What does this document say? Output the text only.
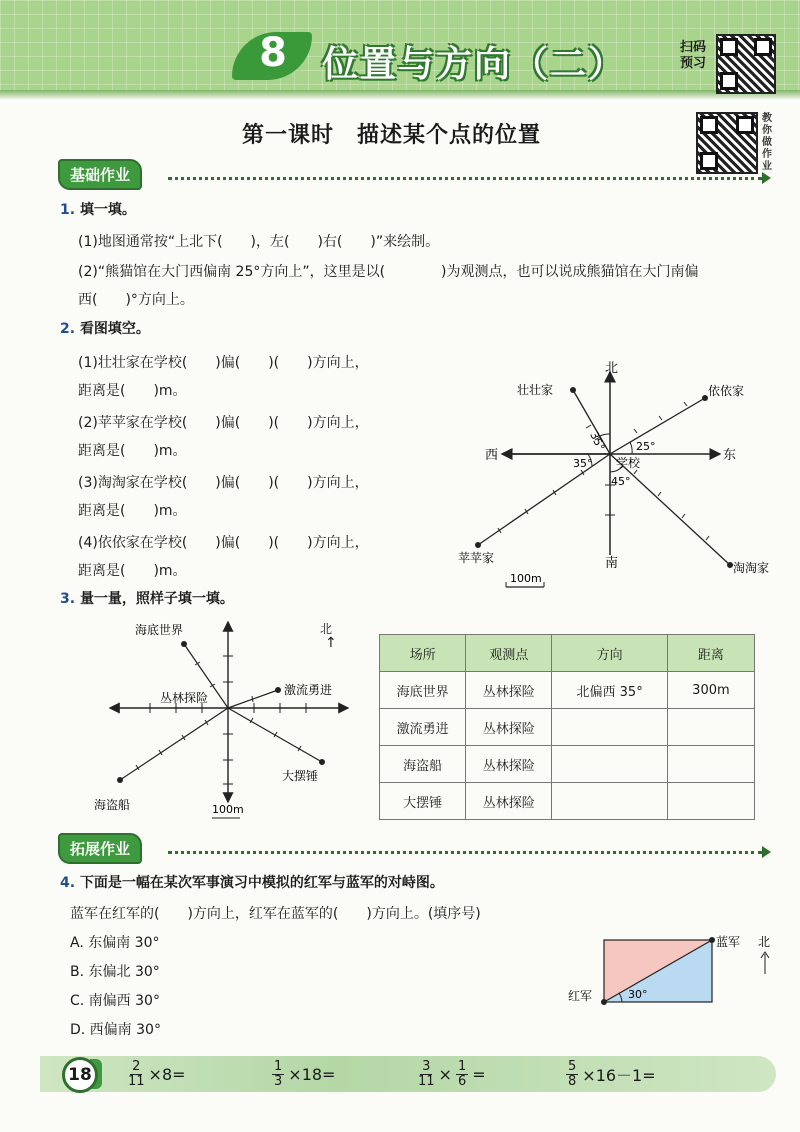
8 位置与方向（二）	扫码预习
第一课时　描述某个点的位置
教你做作业
基础作业
1. 填一填。
(1)地图通常按“上北下(　　)，左(　　)右(　　)”来绘制。
(2)“熊猫馆在大门西偏南 25°方向上”，这里是以(　　　　)为观测点，也可以说成熊猫馆在大门南偏
西(　　)°方向上。
2. 看图填空。
(1)壮壮家在学校(　　)偏(　　)(　　)方向上，
距离是(　　)m。
(2)苹苹家在学校(　　)偏(　　)(　　)方向上，
距离是(　　)m。
(3)淘淘家在学校(　　)偏(　　)(　　)方向上，
距离是(　　)m。
(4)依依家在学校(　　)偏(　　)(　　)方向上，
距离是(　　)m。
北
南
东
西	学校
壮壮家	依依家
苹苹家
淘淘家
35°	25°
35°
45°
100m
3. 量一量，照样子填一填。
海底世界
激流勇进
丛林探险
海盗船
大摆锤
100m
北
↑
场所	观测点	方向	距离
海底世界	丛林探险	北偏西 35°	300m
激流勇进	丛林探险		
海盗船	丛林探险		
大摆锤	丛林探险		
拓展作业
4. 下面是一幅在某次军事演习中模拟的红军与蓝军的对峙图。
蓝军在红军的(　　)方向上，红军在蓝军的(　　)方向上。(填序号)
A. 东偏南 30°
B. 东偏北 30°
C. 南偏西 30°
D. 西偏南 30°
红军
蓝军
30°
北
18	$\frac{2}{11} \times 8=$	$\frac{1}{3} \times 18=$	$\frac{3}{11} \times \frac{1}{6}$ =	$\frac{5}{8} \times 16-1=$
